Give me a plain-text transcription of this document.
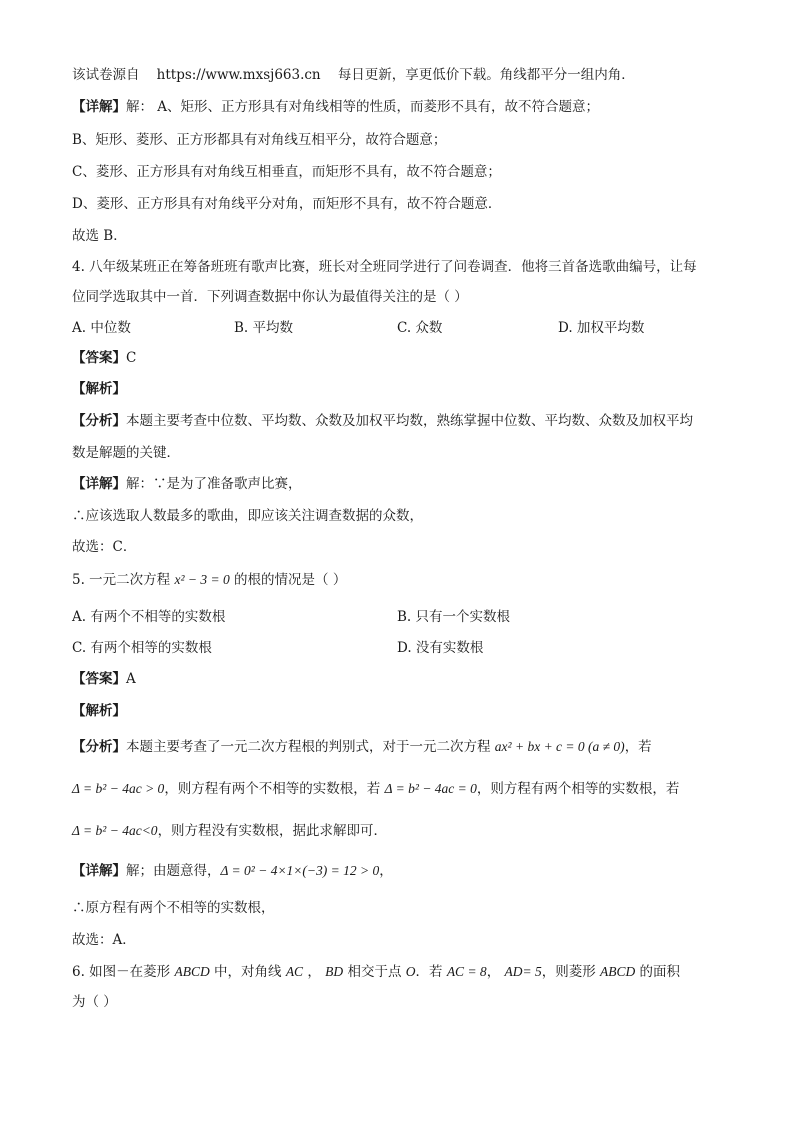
该试卷源自 https://www.mxsj663.cn 每日更新，享更低价下载。角线都平分一组内角．
【详解】解： A、矩形、正方形具有对角线相等的性质，而菱形不具有，故不符合题意；
B、矩形、菱形、正方形都具有对角线互相平分，故符合题意；
C、菱形、正方形具有对角线互相垂直，而矩形不具有，故不符合题意；
D、菱形、正方形具有对角线平分对角，而矩形不具有，故不符合题意．
故选 B．
4. 八年级某班正在筹备班班有歌声比赛，班长对全班同学进行了问卷调查．他将三首备选歌曲编号，让每
位同学选取其中一首．下列调查数据中你认为最值得关注的是（ ）
A. 中位数	B. 平均数	C. 众数	D. 加权平均数
【答案】C
【解析】
【分析】本题主要考查中位数、平均数、众数及加权平均数，熟练掌握中位数、平均数、众数及加权平均
数是解题的关键．
【详解】解：∵是为了准备歌声比赛，
∴应该选取人数最多的歌曲，即应该关注调查数据的众数，
故选：C．
5. 一元二次方程 x² − 3 = 0 的根的情况是（ ）
A. 有两个不相等的实数根	B. 只有一个实数根
C. 有两个相等的实数根	D. 没有实数根
【答案】A
【解析】
【分析】本题主要考查了一元二次方程根的判别式，对于一元二次方程 ax² + bx + c = 0 (a ≠ 0)，若
Δ = b² − 4ac > 0，则方程有两个不相等的实数根，若 Δ = b² − 4ac = 0，则方程有两个相等的实数根，若
Δ = b² − 4ac<0，则方程没有实数根，据此求解即可．
【详解】解；由题意得，Δ = 0² − 4×1×(−3) = 12 > 0，
∴原方程有两个不相等的实数根，
故选：A．
6. 如图－在菱形 ABCD 中，对角线 AC ， BD 相交于点 O．若 AC = 8， AD= 5，则菱形 ABCD 的面积
为（ ）
